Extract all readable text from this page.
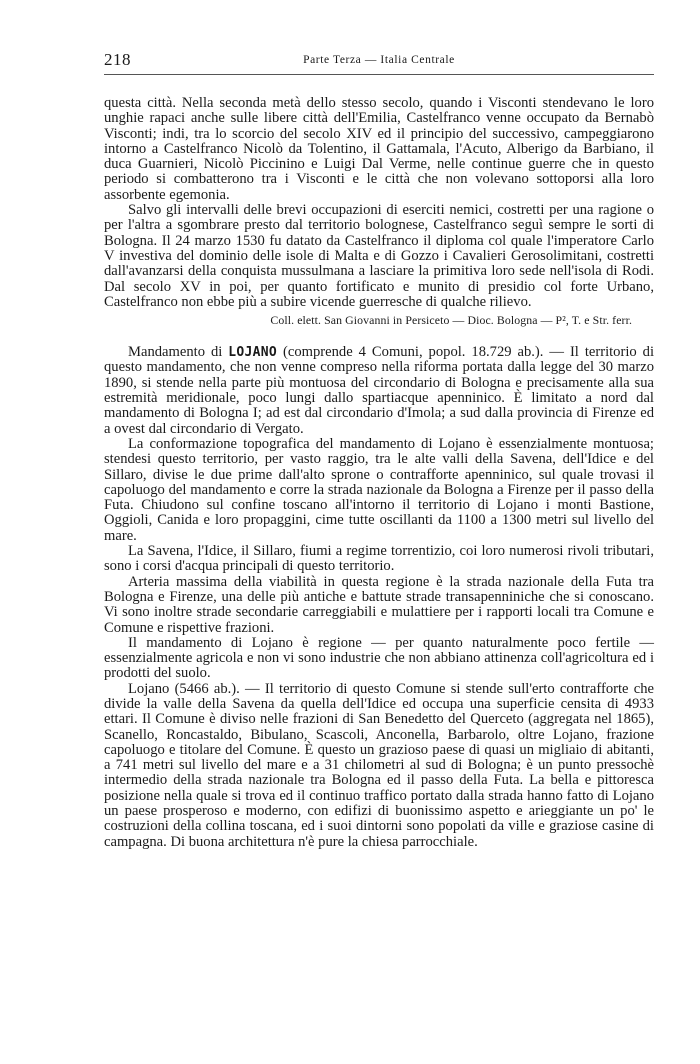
218	Parte Terza — Italia Centrale

questa città. Nella seconda metà dello stesso secolo, quando i Visconti stendevano le loro unghie rapaci anche sulle libere città dell'Emilia, Castelfranco venne occupato da Bernabò Visconti; indi, tra lo scorcio del secolo XIV ed il principio del successivo, campeggiarono intorno a Castelfranco Nicolò da Tolentino, il Gattamala, l'Acuto, Alberigo da Barbiano, il duca Guarnieri, Nicolò Piccinino e Luigi Dal Verme, nelle continue guerre che in questo periodo si combatterono tra i Visconti e le città che non volevano sottoporsi alla loro assorbente egemonia.

Salvo gli intervalli delle brevi occupazioni di eserciti nemici, costretti per una ragione o per l'altra a sgombrare presto dal territorio bolognese, Castelfranco seguì sempre le sorti di Bologna. Il 24 marzo 1530 fu datato da Castelfranco il diploma col quale l'imperatore Carlo V investiva del dominio delle isole di Malta e di Gozzo i Cavalieri Gerosolimitani, costretti dall'avanzarsi della conquista mussulmana a lasciare la primitiva loro sede nell'isola di Rodi. Dal secolo XV in poi, per quanto fortificato e munito di presidio col forte Urbano, Castelfranco non ebbe più a subire vicende guerresche di qualche rilievo.

Coll. elett. San Giovanni in Persiceto — Dioc. Bologna — P², T. e Str. ferr.

Mandamento di LOJANO (comprende 4 Comuni, popol. 18.729 ab.). — Il territorio di questo mandamento, che non venne compreso nella riforma portata dalla legge del 30 marzo 1890, si stende nella parte più montuosa del circondario di Bologna e precisamente alla sua estremità meridionale, poco lungi dallo spartiacque apenninico. È limitato a nord dal mandamento di Bologna I; ad est dal circondario d'Imola; a sud dalla provincia di Firenze ed a ovest dal circondario di Vergato.

La conformazione topografica del mandamento di Lojano è essenzialmente montuosa; stendesi questo territorio, per vasto raggio, tra le alte valli della Savena, dell'Idice e del Sillaro, divise le due prime dall'alto sprone o contrafforte apenninico, sul quale trovasi il capoluogo del mandamento e corre la strada nazionale da Bologna a Firenze per il passo della Futa. Chiudono sul confine toscano all'intorno il territorio di Lojano i monti Bastione, Oggioli, Canida e loro propaggini, cime tutte oscillanti da 1100 a 1300 metri sul livello del mare.

La Savena, l'Idice, il Sillaro, fiumi a regime torrentizio, coi loro numerosi rivoli tributari, sono i corsi d'acqua principali di questo territorio.

Arteria massima della viabilità in questa regione è la strada nazionale della Futa tra Bologna e Firenze, una delle più antiche e battute strade transapenniniche che si conoscano. Vi sono inoltre strade secondarie carreggiabili e mulattiere per i rapporti locali tra Comune e Comune e rispettive frazioni.

Il mandamento di Lojano è regione — per quanto naturalmente poco fertile — essenzialmente agricola e non vi sono industrie che non abbiano attinenza coll'agricoltura ed i prodotti del suolo.

Lojano (5466 ab.). — Il territorio di questo Comune si stende sull'erto contrafforte che divide la valle della Savena da quella dell'Idice ed occupa una superficie censita di 4933 ettari. Il Comune è diviso nelle frazioni di San Benedetto del Querceto (aggregata nel 1865), Scanello, Roncastaldo, Bibulano, Scascoli, Anconella, Barbarolo, oltre Lojano, frazione capoluogo e titolare del Comune. È questo un grazioso paese di quasi un migliaio di abitanti, a 741 metri sul livello del mare e a 31 chilometri al sud di Bologna; è un punto pressochè intermedio della strada nazionale tra Bologna ed il passo della Futa. La bella e pittoresca posizione nella quale si trova ed il continuo traffico portato dalla strada hanno fatto di Lojano un paese prosperoso e moderno, con edifizi di buonissimo aspetto e arieggiante un po' le costruzioni della collina toscana, ed i suoi dintorni sono popolati da ville e graziose casine di campagna. Di buona architettura n'è pure la chiesa parrocchiale.
